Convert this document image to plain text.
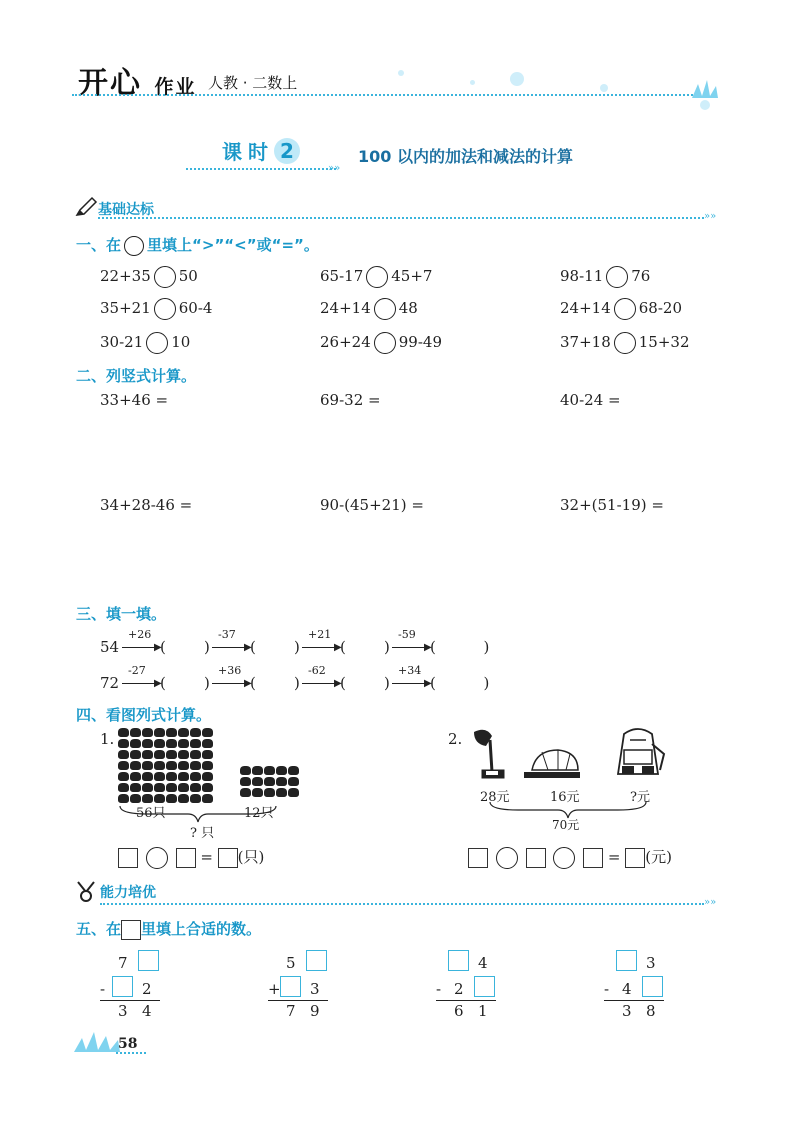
开心 作业 人教 · 二数上
课时 2
»»
100 以内的加法和减法的计算
基础达标	»»
一、在 里填上“>”“<”或“=”。
22+35 50	65-17 45+7	98-11 76
35+21 60-4	24+14 48	24+14 68-20
30-21 10	26+24 99-49	37+18 15+32
二、列竖式计算。
33+46 =	69-32 =	40-24 =
34+28-46 =	90-(45+21) =	32+(51-19) =
三、填一填。
54
+26
▶
(        )
-37
▶
(        )
+21
▶
(        )
-59
▶
(          )
72
-27
▶
(        )
+36
▶
(        )
-62
▶
(        )
+34
▶
(          )
四、看图列式计算。
1.
56只	12只
? 只
= (只)
2.
28元	16元	?元
70元
= (元)
能力培优
»»
五、在 里填上合适的数。
7
- 2
3 4
5
+ 3
7 9
4
- 2
6 1
3
- 4
3 8
58
